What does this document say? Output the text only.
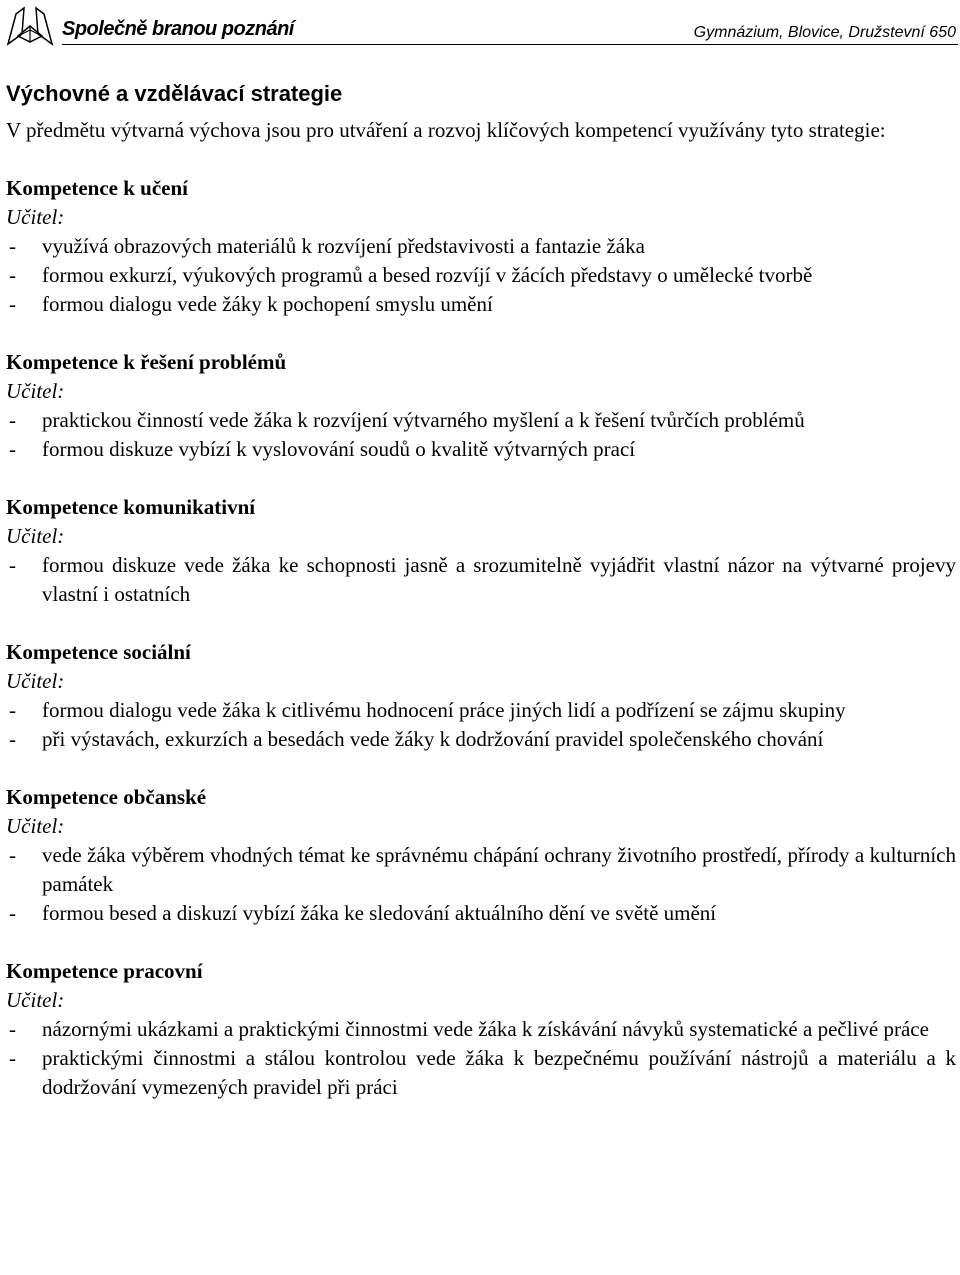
Společně branou poznání	Gymnázium, Blovice, Družstevní 650
Výchovné a vzdělávací strategie

V předmětu výtvarná výchova jsou pro utváření a rozvoj klíčových kompetencí využívány tyto strategie:

Kompetence k učení

Učitel:

- využívá obrazových materiálů k rozvíjení představivosti a fantazie žáka
- formou exkurzí, výukových programů a besed rozvíjí v žácích představy o umělecké tvorbě
- formou dialogu vede žáky k pochopení smyslu umění

Kompetence k řešení problémů

Učitel:

- praktickou činností vede žáka k rozvíjení výtvarného myšlení a k řešení tvůrčích problémů
- formou diskuze vybízí k vyslovování soudů o kvalitě výtvarných prací

Kompetence komunikativní

Učitel:

- formou diskuze vede žáka ke schopnosti jasně a srozumitelně vyjádřit vlastní názor na výtvarné projevy vlastní i ostatních

Kompetence sociální

Učitel:

- formou dialogu vede žáka k citlivému hodnocení práce jiných lidí a podřízení se zájmu skupiny
- při výstavách, exkurzích a besedách vede žáky k dodržování pravidel společenského chování

Kompetence občanské

Učitel:

- vede žáka výběrem vhodných témat ke správnému chápání ochrany životního prostředí, přírody a kulturních památek
- formou besed a diskuzí vybízí žáka ke sledování aktuálního dění ve světě umění

Kompetence pracovní

Učitel:

- názornými ukázkami a praktickými činnostmi vede žáka k získávání návyků systematické a pečlivé práce
- praktickými činnostmi a stálou kontrolou vede žáka k bezpečnému používání nástrojů a materiálu a k dodržování vymezených pravidel při práci
